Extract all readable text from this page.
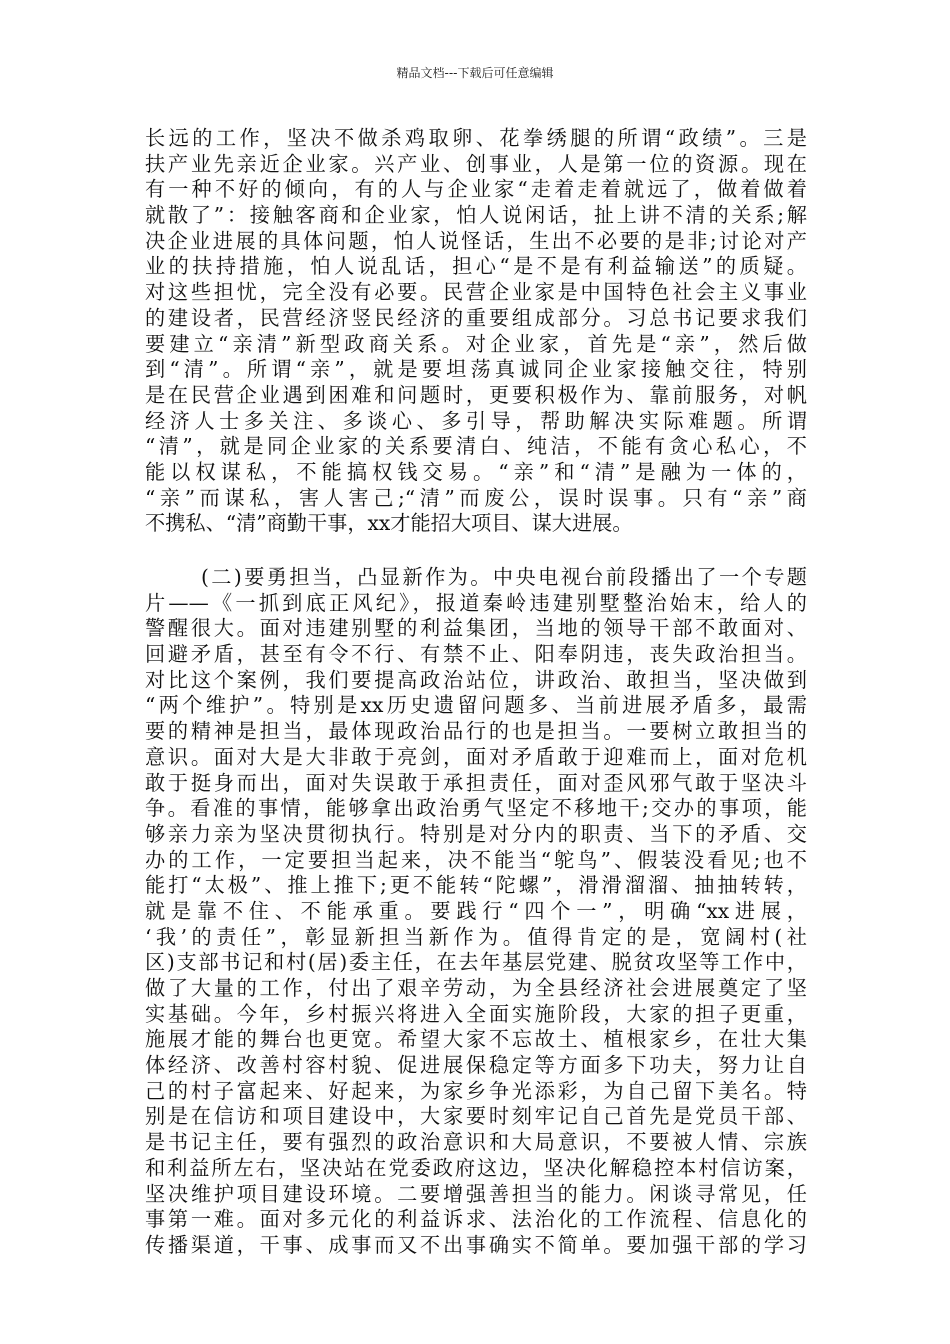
精品文档---下载后可任意编辑
长远的工作，坚决不做杀鸡取卵、花拳绣腿的所谓“政绩”。三是
扶产业先亲近企业家。兴产业、创事业，人是第一位的资源。现在
有一种不好的倾向，有的人与企业家“走着走着就远了，做着做着
就散了”：接触客商和企业家，怕人说闲话，扯上讲不清的关系;解
决企业进展的具体问题，怕人说怪话，生出不必要的是非;讨论对产
业的扶持措施，怕人说乱话，担心“是不是有利益输送”的质疑。
对这些担忧，完全没有必要。民营企业家是中国特色社会主义事业
的建设者，民营经济竖民经济的重要组成部分。习总书记要求我们
要建立“亲清”新型政商关系。对企业家，首先是“亲”，然后做
到“清”。所谓“亲”，就是要坦荡真诚同企业家接触交往，特别
是在民营企业遇到困难和问题时，更要积极作为、靠前服务，对帆
经济人士多关注、多谈心、多引导，帮助解决实际难题。所谓
“清”，就是同企业家的关系要清白、纯洁，不能有贪心私心，不
能以权谋私，不能搞权钱交易。“亲”和“清”是融为一体的，
“亲”而谋私，害人害己;“清”而废公，误时误事。只有“亲”商
不携私、“清”商勤干事，xx才能招大项目、谋大进展。
(二)要勇担当，凸显新作为。中央电视台前段播出了一个专题
片——《一抓到底正风纪》，报道秦岭违建别墅整治始末，给人的
警醒很大。面对违建别墅的利益集团，当地的领导干部不敢面对、
回避矛盾，甚至有令不行、有禁不止、阳奉阴违，丧失政治担当。
对比这个案例，我们要提高政治站位，讲政治、敢担当，坚决做到
“两个维护”。特别是xx历史遗留问题多、当前进展矛盾多，最需
要的精神是担当，最体现政治品行的也是担当。一要树立敢担当的
意识。面对大是大非敢于亮剑，面对矛盾敢于迎难而上，面对危机
敢于挺身而出，面对失误敢于承担责任，面对歪风邪气敢于坚决斗
争。看准的事情，能够拿出政治勇气坚定不移地干;交办的事项，能
够亲力亲为坚决贯彻执行。特别是对分内的职责、当下的矛盾、交
办的工作，一定要担当起来，决不能当“鸵鸟”、假装没看见;也不
能打“太极”、推上推下;更不能转“陀螺”，滑滑溜溜、抽抽转转，
就是靠不住、不能承重。要践行“四个一”，明确“xx进展，
‘我’的责任”，彰显新担当新作为。值得肯定的是，宽阔村(社
区)支部书记和村(居)委主任，在去年基层党建、脱贫攻坚等工作中，
做了大量的工作，付出了艰辛劳动，为全县经济社会进展奠定了坚
实基础。今年，乡村振兴将进入全面实施阶段，大家的担子更重，
施展才能的舞台也更宽。希望大家不忘故土、植根家乡，在壮大集
体经济、改善村容村貌、促进展保稳定等方面多下功夫，努力让自
己的村子富起来、好起来，为家乡争光添彩，为自己留下美名。特
别是在信访和项目建设中，大家要时刻牢记自己首先是党员干部、
是书记主任，要有强烈的政治意识和大局意识，不要被人情、宗族
和利益所左右，坚决站在党委政府这边，坚决化解稳控本村信访案，
坚决维护项目建设环境。二要增强善担当的能力。闲谈寻常见，任
事第一难。面对多元化的利益诉求、法治化的工作流程、信息化的
传播渠道，干事、成事而又不出事确实不简单。要加强干部的学习
